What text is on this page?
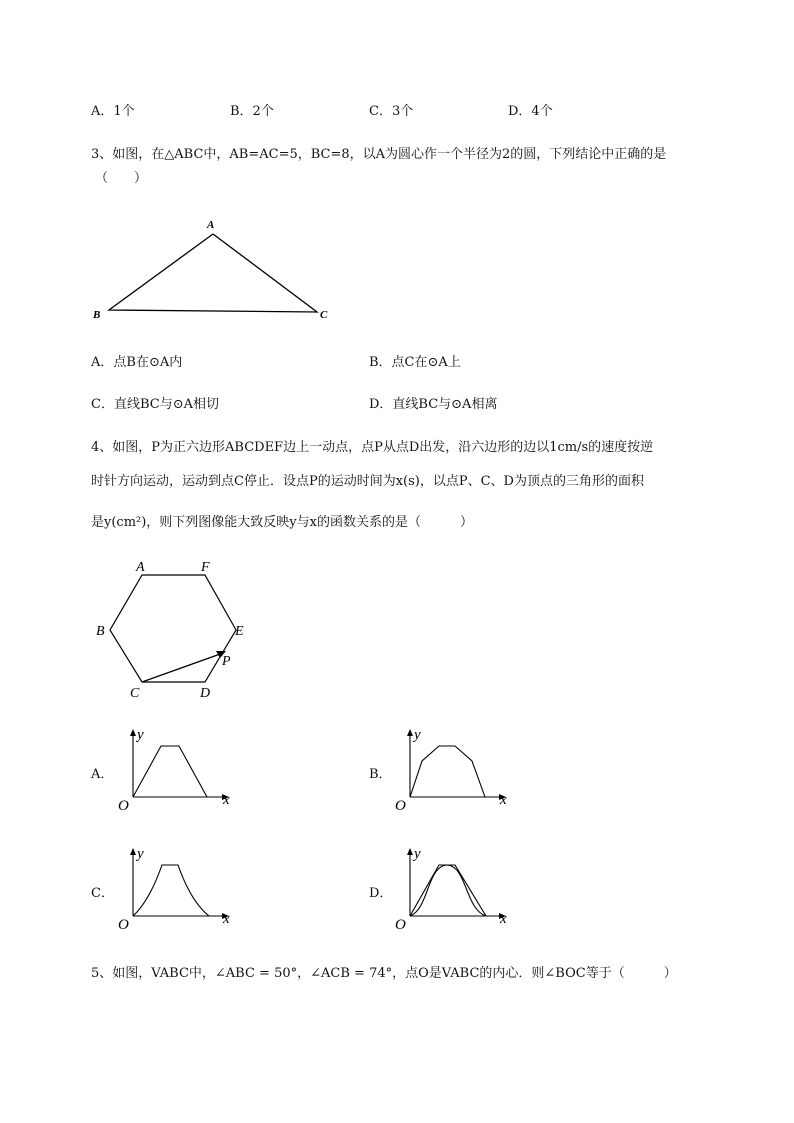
A．1个	B．2个	C．3个	D．4个
3、如图，在△ABC中，AB=AC=5，BC=8，以A为圆心作一个半径为2的圆，下列结论中正确的是
（　　）
A
B	C
A．点B在⊙A内	B．点C在⊙A上
C．直线BC与⊙A相切	D．直线BC与⊙A相离
4、如图，P为正六边形ABCDEF边上一动点，点P从点D出发，沿六边形的边以1cm/s的速度按逆
时针方向运动，运动到点C停止．设点P的运动时间为x(s)，以点P、C、D为顶点的三角形的面积
是y(cm²)，则下列图像能大致反映y与x的函数关系的是（　　　）
A	F
B	E
P
C	D
A．
y
x
O
B．
y
x
O
C．
y
x
O
D．
y
x
O
5、如图，VABC中，∠ABC = 50°，∠ACB = 74°，点O是VABC的内心．则∠BOC等于（　　　）
